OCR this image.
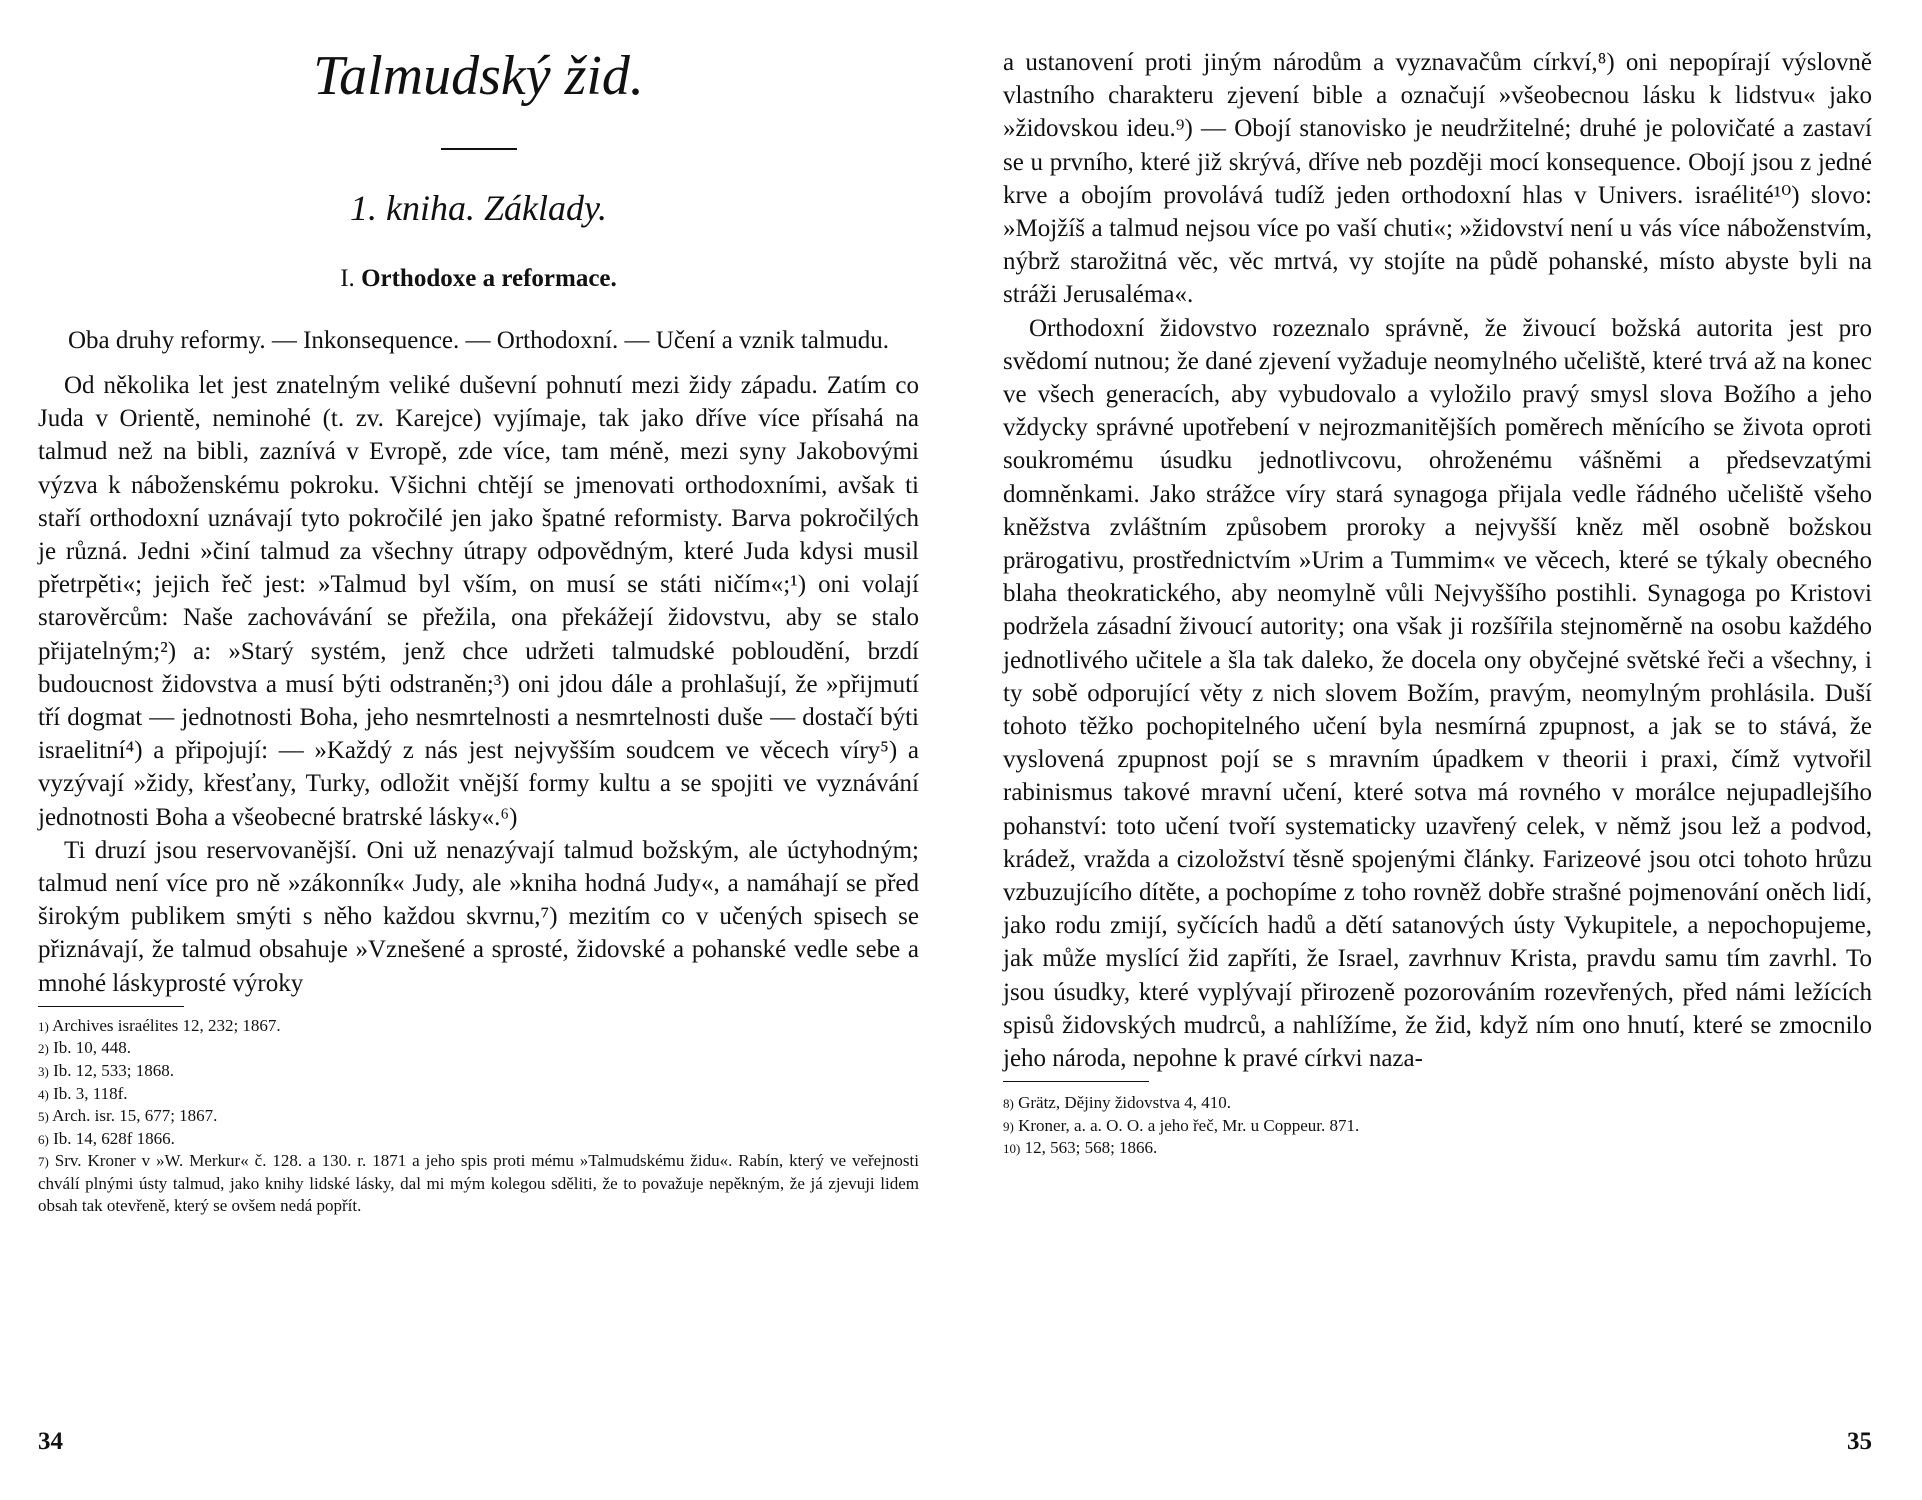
Talmudský žid.
1. kniha. Základy.
I. Orthodoxe a reformace.
Oba druhy reformy. — Inkonsequence. — Orthodoxní. — Učení a vznik talmudu.

Od několika let jest znatelným veliké duševní pohnutí mezi židy západu. Zatím co Juda v Orientě, neminohé (t. zv. Karejce) vyjímaje, tak jako dříve více přísahá na talmud než na bibli, zaznívá v Evropě, zde více, tam méně, mezi syny Jakobovými výzva k náboženskému pokroku. Všichni chtějí se jmenovati orthodoxními, avšak ti staří orthodoxní uznávají tyto pokročilé jen jako špatné reformisty. Barva pokročilých je různá. Jedni »činí talmud za všechny útrapy odpovědným, které Juda kdysi musil přetrpěti«; jejich řeč jest: »Talmud byl vším, on musí se státi ničím«;¹) oni volají starověrcům: Naše zachovávání se přežila, ona překážejí židovstvu, aby se stalo přijatelným;²) a: »Starý systém, jenž chce udržeti talmudské pobloudění, brzdí budoucnost židovstva a musí býti odstraněn;³) oni jdou dále a prohlašují, že »přijmutí tří dogmat — jednotnosti Boha, jeho nesmrtelnosti a nesmrtelnosti duše — dostačí býti israelitní⁴) a připojují: — »Každý z nás jest nejvyšším soudcem ve věcech víry⁵) a vyzývají »židy, křesťany, Turky, odložit vnější formy kultu a se spojiti ve vyznávání jednotnosti Boha a všeobecné bratrské lásky«.⁶)

Ti druzí jsou reservovanější. Oni už nenazývají talmud božským, ale úctyhodným; talmud není více pro ně »zákonník« Judy, ale »kniha hodná Judy«, a namáhají se před širokým publikem smýti s něho každou skvrnu,⁷) mezitím co v učených spisech se přiznávají, že talmud obsahuje »Vznešené a sprosté, židovské a pohanské vedle sebe a mnohé láskyprosté výroky

1) Archives israélites 12, 232; 1867.
2) Ib. 10, 448.
3) Ib. 12, 533; 1868.
4) Ib. 3, 118f.
5) Arch. isr. 15, 677; 1867.
6) Ib. 14, 628f 1866.
7) Srv. Kroner v »W. Merkur« č. 128. a 130. r. 1871 a jeho spis proti mému »Talmudskému židu«. Rabín, který ve veřejnosti chválí plnými ústy talmud, jako knihy lidské lásky, dal mi mým kolegou sděliti, že to považuje nepěkným, že já zjevuji lidem obsah tak otevřeně, který se ovšem nedá popřít.
34

a ustanovení proti jiným národům a vyznavačům církví,⁸) oni nepopírají výslovně vlastního charakteru zjevení bible a označují »všeobecnou lásku k lidstvu« jako »židovskou ideu.⁹) — Obojí stanovisko je neudržitelné; druhé je polovičaté a zastaví se u prvního, které již skrývá, dříve neb později mocí konsequence. Obojí jsou z jedné krve a obojím provolává tudíž jeden orthodoxní hlas v Univers. israélité¹⁰) slovo: »Mojžíš a talmud nejsou více po vaší chuti«; »židovství není u vás více náboženstvím, nýbrž starožitná věc, věc mrtvá, vy stojíte na půdě pohanské, místo abyste byli na stráži Jerusaléma«.

Orthodoxní židovstvo rozeznalo správně, že živoucí božská autorita jest pro svědomí nutnou; že dané zjevení vyžaduje neomylného učeliště, které trvá až na konec ve všech generacích, aby vybudovalo a vyložilo pravý smysl slova Božího a jeho vždycky správné upotřebení v nejrozmanitějších poměrech měnícího se života oproti soukromému úsudku jednotlivcovu, ohroženému vášněmi a předsevzatými domněnkami. Jako strážce víry stará synagoga přijala vedle řádného učeliště všeho kněžstva zvláštním způsobem proroky a nejvyšší kněz měl osobně božskou prärogativu, prostřednictvím »Urim a Tummim« ve věcech, které se týkaly obecného blaha theokratického, aby neomylně vůli Nejvyššího postihli. Synagoga po Kristovi podržela zásadní živoucí autority; ona však ji rozšířila stejnoměrně na osobu každého jednotlivého učitele a šla tak daleko, že docela ony obyčejné světské řeči a všechny, i ty sobě odporující věty z nich slovem Božím, pravým, neomylným prohlásila. Duší tohoto těžko pochopitelného učení byla nesmírná zpupnost, a jak se to stává, že vyslovená zpupnost pojí se s mravním úpadkem v theorii i praxi, čímž vytvořil rabinismus takové mravní učení, které sotva má rovného v morálce nejupadlejšího pohanství: toto učení tvoří systematicky uzavřený celek, v němž jsou lež a podvod, krádež, vražda a cizoložství těsně spojenými články. Farizeové jsou otci tohoto hrůzu vzbuzujícího dítěte, a pochopíme z toho rovněž dobře strašné pojmenování oněch lidí, jako rodu zmijí, syčících hadů a dětí satanových ústy Vykupitele, a nepochopujeme, jak může myslící žid zapříti, že Israel, zavrhnuv Krista, pravdu samu tím zavrhl. To jsou úsudky, které vyplývají přirozeně pozorováním rozevřených, před námi ležících spisů židovských mudrců, a nahlížíme, že žid, když ním ono hnutí, které se zmocnilo jeho národa, nepohne k pravé církvi naza-

8) Grätz, Dějiny židovstva 4, 410.
9) Kroner, a. a. O. O. a jeho řeč, Mr. u Coppeur. 871.
10) 12, 563; 568; 1866.
35
